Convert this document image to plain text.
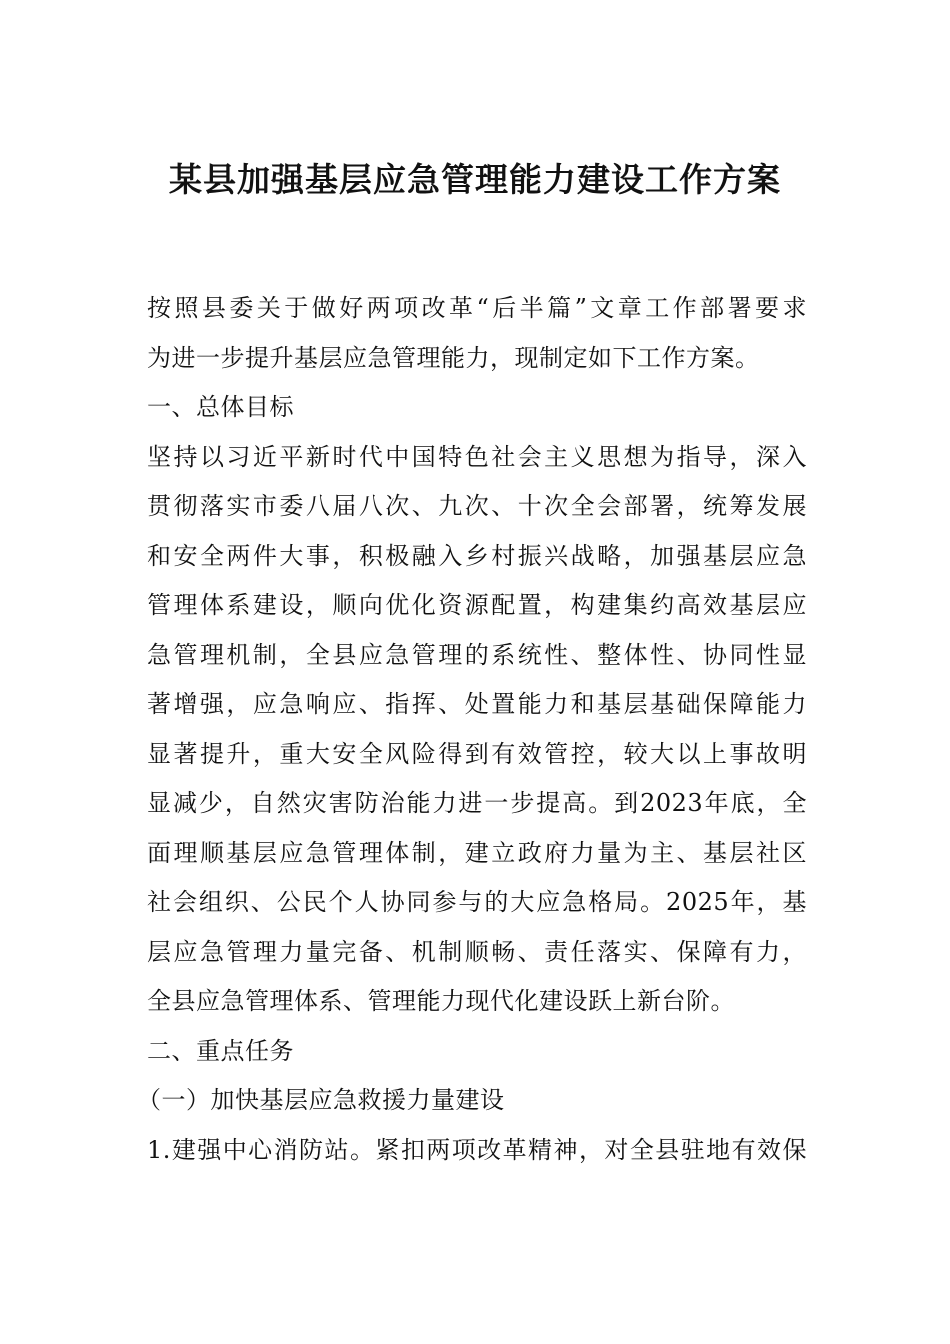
某县加强基层应急管理能力建设工作方案
按照县委关于做好两项改革“后半篇”文章工作部署要求
为进一步提升基层应急管理能力，现制定如下工作方案。
一、总体目标
坚持以习近平新时代中国特色社会主义思想为指导，深入
贯彻落实市委八届八次、九次、十次全会部署，统筹发展
和安全两件大事，积极融入乡村振兴战略，加强基层应急
管理体系建设，顺向优化资源配置，构建集约高效基层应
急管理机制，全县应急管理的系统性、整体性、协同性显
著增强，应急响应、指挥、处置能力和基层基础保障能力
显著提升，重大安全风险得到有效管控，较大以上事故明
显减少，自然灾害防治能力进一步提高。到2023年底，全
面理顺基层应急管理体制，建立政府力量为主、基层社区
社会组织、公民个人协同参与的大应急格局。2025年，基
层应急管理力量完备、机制顺畅、责任落实、保障有力，
全县应急管理体系、管理能力现代化建设跃上新台阶。
二、重点任务
（一）加快基层应急救援力量建设
1.建强中心消防站。紧扣两项改革精神，对全县驻地有效保
